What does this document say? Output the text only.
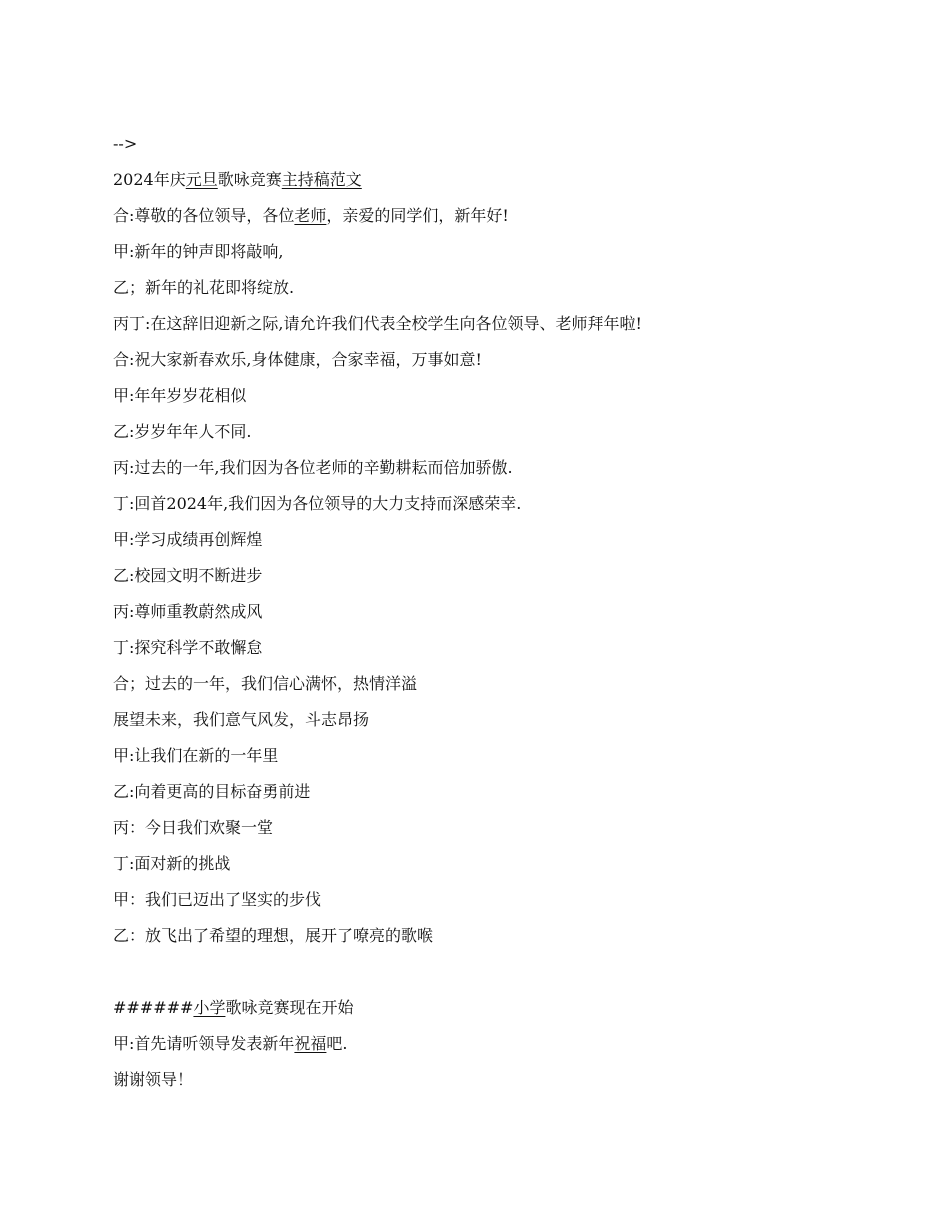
-->
2024年庆元旦歌咏竞赛主持稿范文
合:尊敬的各位领导，各位老师，亲爱的同学们，新年好!
甲:新年的钟声即将敲响,
乙；新年的礼花即将绽放.
丙丁:在这辞旧迎新之际,请允许我们代表全校学生向各位领导、老师拜年啦!
合:祝大家新春欢乐,身体健康，合家幸福，万事如意!
甲:年年岁岁花相似
乙:岁岁年年人不同.
丙:过去的一年,我们因为各位老师的辛勤耕耘而倍加骄傲.
丁:回首2024年,我们因为各位领导的大力支持而深感荣幸.
甲:学习成绩再创辉煌
乙:校园文明不断进步
丙:尊师重教蔚然成风
丁:探究科学不敢懈怠
合；过去的一年，我们信心满怀，热情洋溢
展望未来，我们意气风发，斗志昂扬
甲:让我们在新的一年里
乙:向着更高的目标奋勇前进
丙：今日我们欢聚一堂
丁:面对新的挑战
甲：我们已迈出了坚实的步伐
乙：放飞出了希望的理想，展开了嘹亮的歌喉
######小学歌咏竞赛现在开始
甲:首先请听领导发表新年祝福吧.
谢谢领导！
